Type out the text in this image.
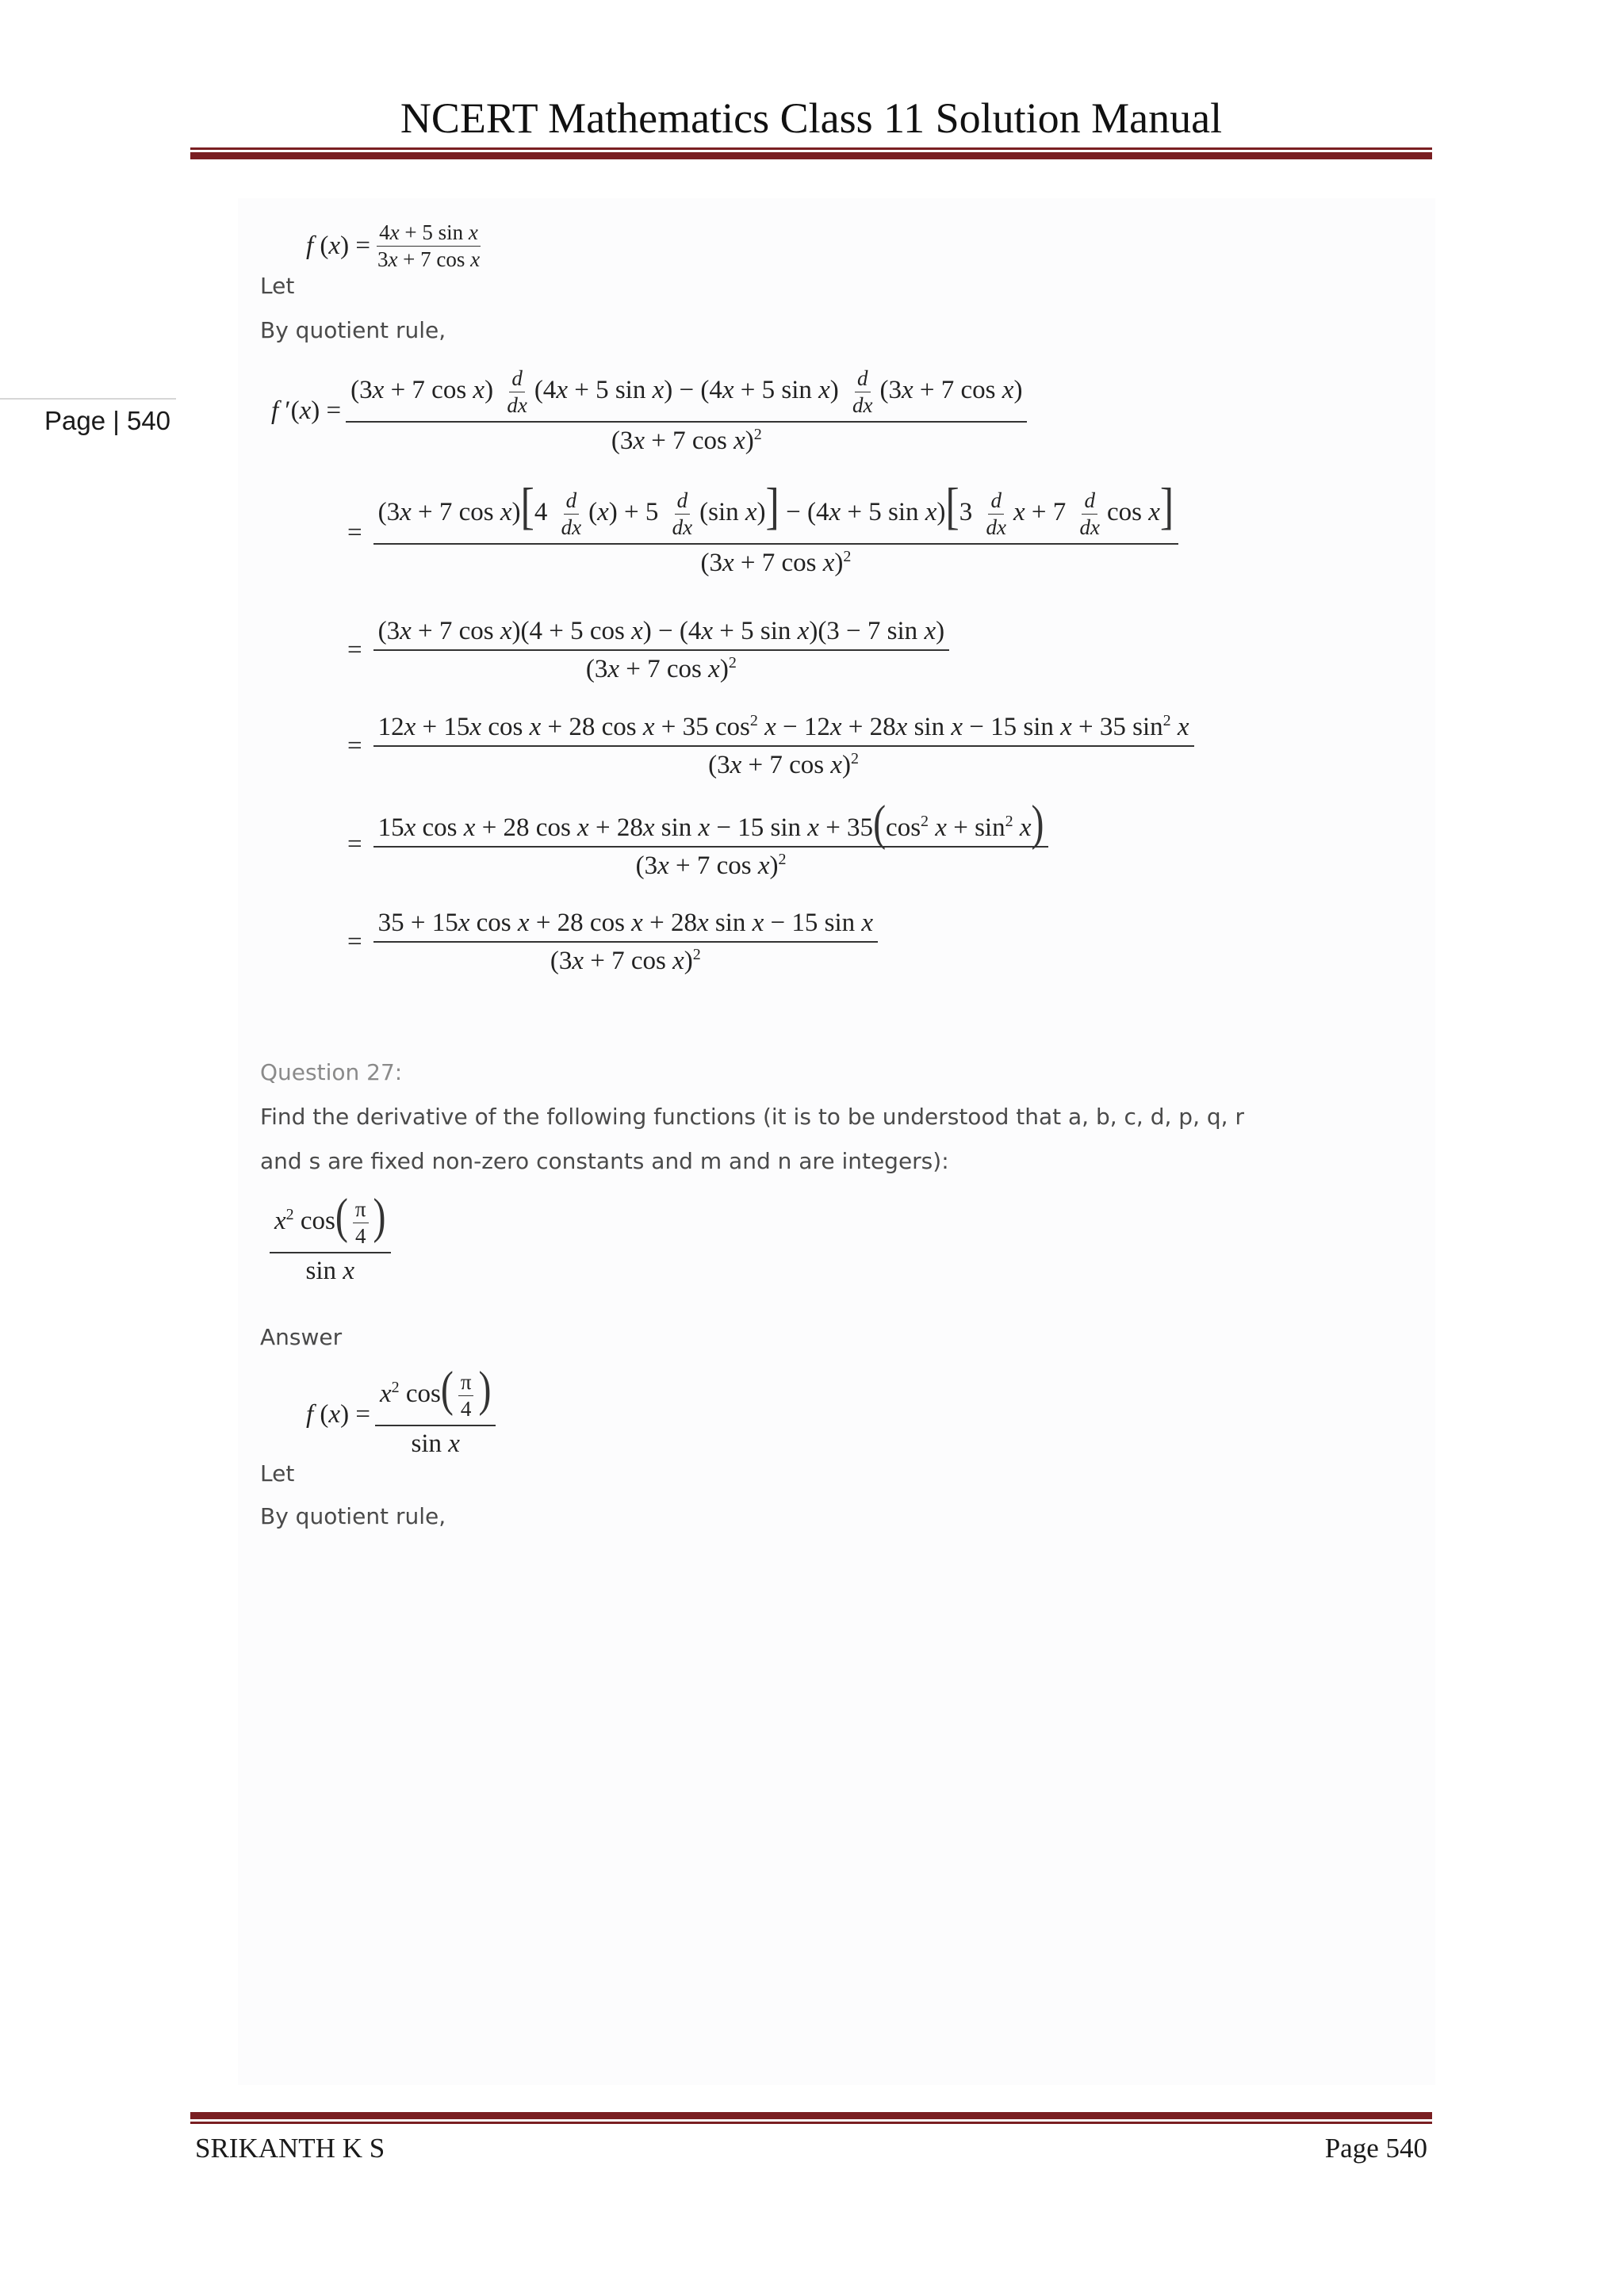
NCERT Mathematics Class 11 Solution Manual
Page | 540
Let
f $(x) = \frac{\text{4x + 5 sin x}}{\text{3x + 7 cos x}}$
By quotient rule,
f ′(x) =
(3x + 7 $\cos x) \frac{d}{dx} (4x + 5$ sin x) − (4x + 5 $\sin x) \frac{d}{dx} (3x + 7$ cos x)
(3x + 7 cos x)$^2$
=
(3x + 7 $\cos x)[4 \frac{d}{dx} (x) + 5 \frac{d}{dx} (\sin$ x)] − (4x + 5 $\sin x)[3 \frac{d}{dx}$ $x + 7 \frac{d}{dx}$ cos x]
(3x + 7 cos x)$^2$
= $\frac{\text{(3x + 7 cos x)(4 + 5 cos x) − (4x + 5 sin x)(3 − 7 sin x)}}{(3x + 7 \cos x)^2}$
=
12x + 15x cos x + 28 cos x + 35 $\cos^2 x - 12x + 28x$ sin x − 15 sin x + 35 $\sin^2 x$
(3x + 7 cos x)$^2$
=
15x cos x + 28 cos x + 28x sin x − 15 $\sin x + 35(\cos^2$ $x + \sin^2 x$)
(3x + 7 cos x)$^2$
= $\frac{\text{35 + 15x cos x + 28 cos x + 28x sin x − 15 sin x}}{(3x + 7 \cos x)^2}$
Question 27:
Find the derivative of the following functions (it is to be understood that a, b, c, d, p, q, r
and s are fixed non-zero constants and m and n are integers):
$\frac{x^2 \cos( \frac{\pi}{4} )}{\text{sin x}}$
Answer
Let
f $(x) = \frac{x^2 \cos( \frac{\pi}{4} )}{\text{sin x}}$
By quotient rule,
SRIKANTH K S	Page 540
